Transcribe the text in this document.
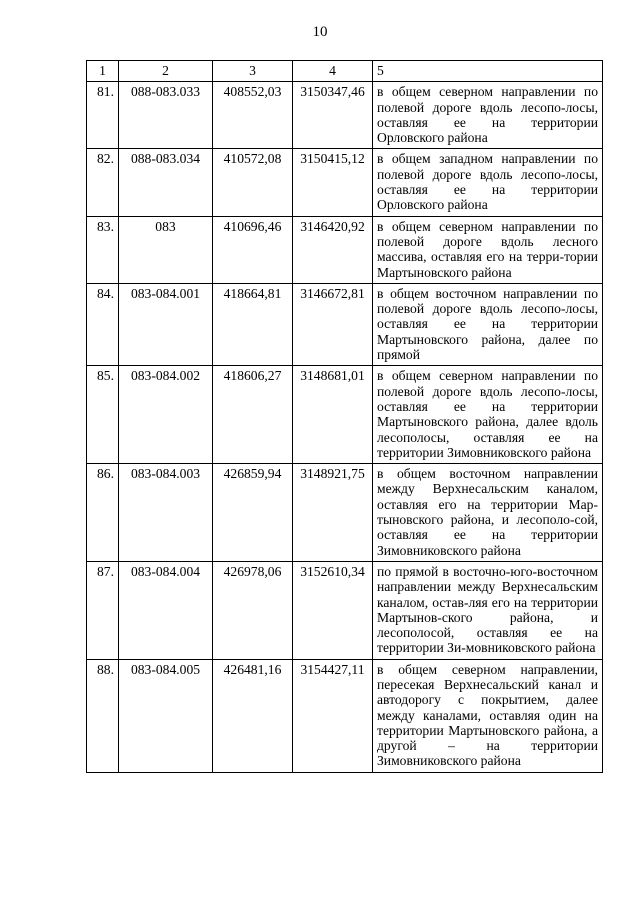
10
1	2	3	4	5
81.	088-083.033	408552,03	3150347,46	в общем северном направлении по полевой дороге вдоль лесопо-лосы, оставляя ее на территории Орловского района
82.	088-083.034	410572,08	3150415,12	в общем западном направлении по полевой дороге вдоль лесопо-лосы, оставляя ее на территории Орловского района
83.	083	410696,46	3146420,92	в общем северном направлении по полевой дороге вдоль лесного массива, оставляя его на терри-тории Мартыновского района
84.	083-084.001	418664,81	3146672,81	в общем восточном направлении по полевой дороге вдоль лесопо-лосы, оставляя ее на территории Мартыновского района, далее по прямой
85.	083-084.002	418606,27	3148681,01	в общем северном направлении по полевой дороге вдоль лесопо-лосы, оставляя ее на территории Мартыновского района, далее вдоль лесополосы, оставляя ее на территории Зимовниковского района
86.	083-084.003	426859,94	3148921,75	в общем восточном направлении между Верхнесальским каналом, оставляя его на территории Мар-тыновского района, и лесополо-сой, оставляя ее на территории Зимовниковского района
87.	083-084.004	426978,06	3152610,34	по прямой в восточно-юго-восточном направлении между Верхнесальским каналом, остав-ляя его на территории Мартынов-ского района, и лесополосой, оставляя ее на территории Зи-мовниковского района
88.	083-084.005	426481,16	3154427,11	в общем северном направлении, пересекая Верхнесальский канал и автодорогу с покрытием, далее между каналами, оставляя один на территории Мартыновского района, а другой – на территории Зимовниковского района
